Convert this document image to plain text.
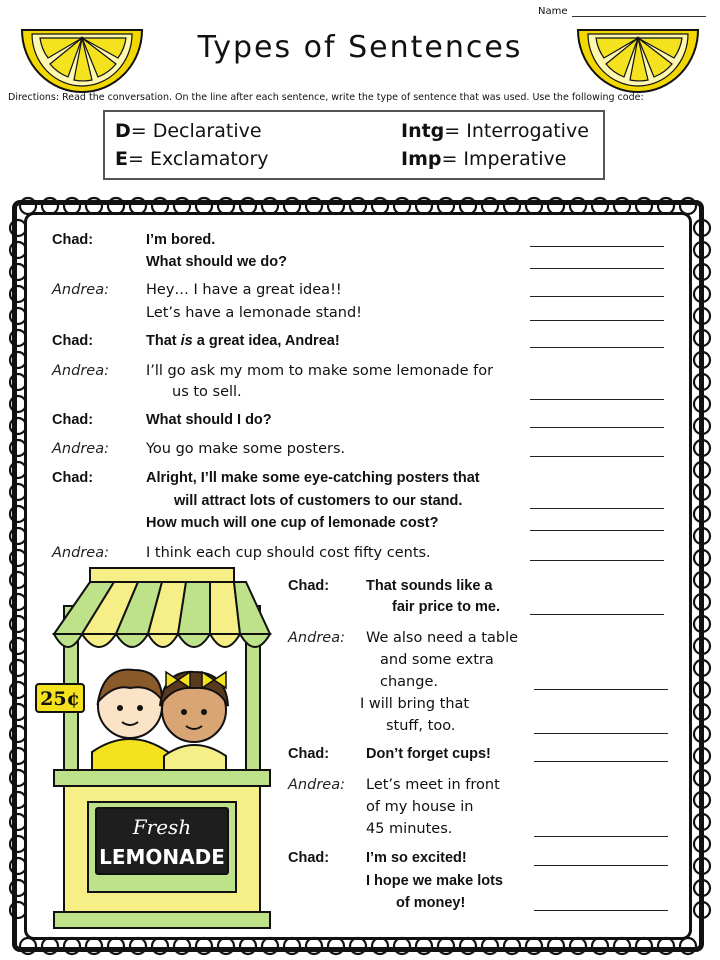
Name
Types of Sentences
Directions: Read the conversation. On the line after each sentence, write the type of sentence that was used. Use the following code:
D= Declarative
E= Exclamatory
Intg= Interrogative
Imp= Imperative
Chad:	I’m bored.
What should we do?
Andrea:	Hey… I have a great idea!!
Let’s have a lemonade stand!
Chad:	That is a great idea, Andrea!
Andrea:	I’ll go ask my mom to make some lemonade for
us to sell.
Chad:	What should I do?
Andrea:	You go make some posters.
Chad:	Alright, I’ll make some eye-catching posters that
will attract lots of customers to our stand.
How much will one cup of lemonade cost?
Andrea:	I think each cup should cost fifty cents.
Chad:	That sounds like a
fair price to me.
Andrea: We also need a table
and some extra
change.
I will bring that
stuff, too.
Chad:	Don’t forget cups!
Andrea: Let’s meet in front
of my house in
45 minutes.
Chad:	I’m so excited!
I hope we make lots
of money!
Fresh
LEMONADE
25¢
